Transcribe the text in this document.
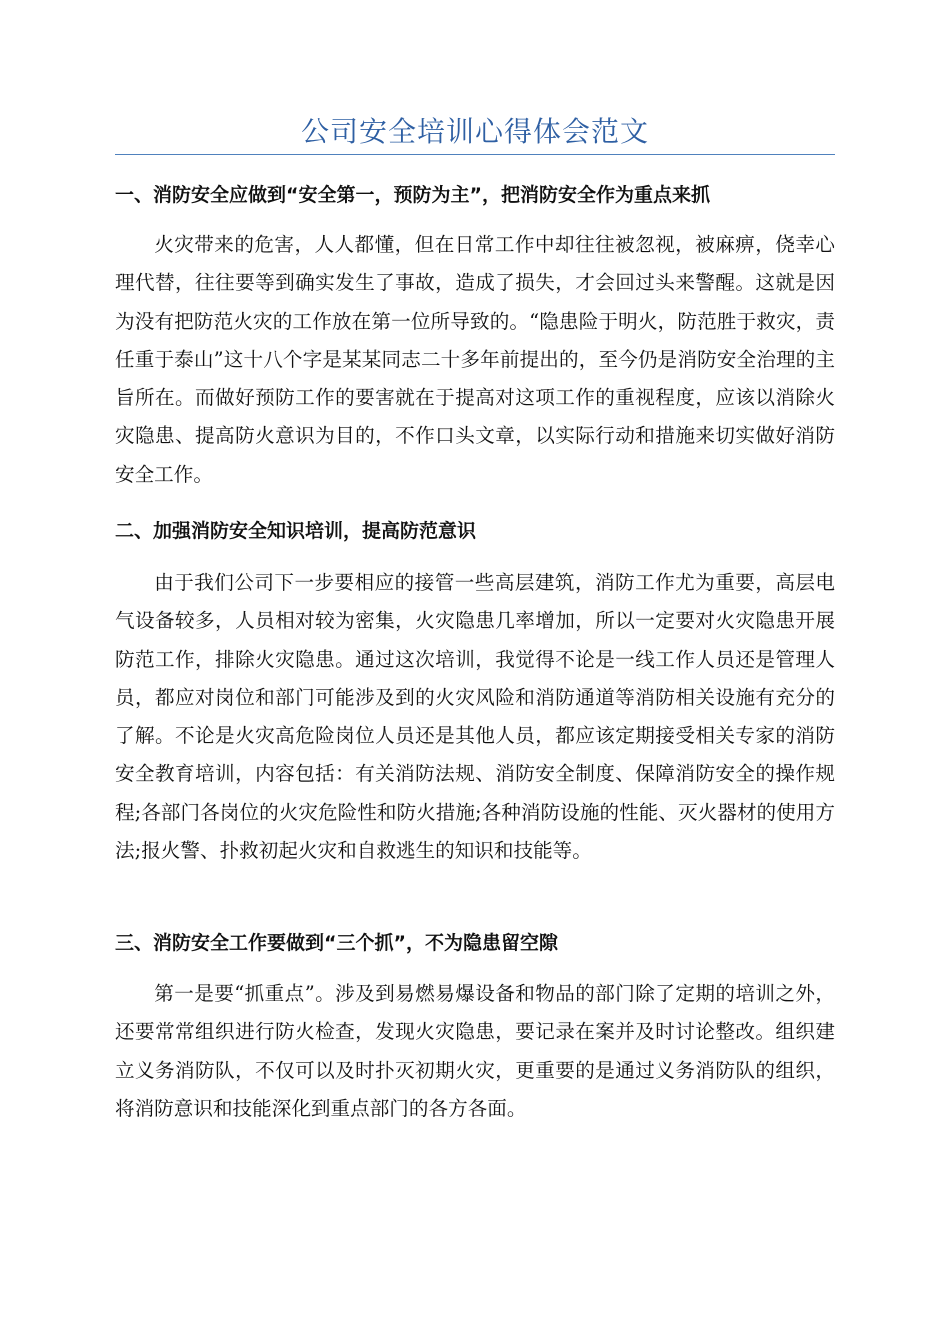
公司安全培训心得体会范文
一、消防安全应做到“安全第一，预防为主”，把消防安全作为重点来抓

火灾带来的危害，人人都懂，但在日常工作中却往往被忽视，被麻痹，侥幸心理代替，往往要等到确实发生了事故，造成了损失，才会回过头来警醒。这就是因为没有把防范火灾的工作放在第一位所导致的。“隐患险于明火，防范胜于救灾，责任重于泰山”这十八个字是某某同志二十多年前提出的，至今仍是消防安全治理的主旨所在。而做好预防工作的要害就在于提高对这项工作的重视程度，应该以消除火灾隐患、提高防火意识为目的，不作口头文章，以实际行动和措施来切实做好消防安全工作。

二、加强消防安全知识培训，提高防范意识

由于我们公司下一步要相应的接管一些高层建筑，消防工作尤为重要，高层电气设备较多，人员相对较为密集，火灾隐患几率增加，所以一定要对火灾隐患开展防范工作，排除火灾隐患。通过这次培训，我觉得不论是一线工作人员还是管理人员，都应对岗位和部门可能涉及到的火灾风险和消防通道等消防相关设施有充分的了解。不论是火灾高危险岗位人员还是其他人员，都应该定期接受相关专家的消防安全教育培训，内容包括：有关消防法规、消防安全制度、保障消防安全的操作规程;各部门各岗位的火灾危险性和防火措施;各种消防设施的性能、灭火器材的使用方法;报火警、扑救初起火灾和自救逃生的知识和技能等。

三、消防安全工作要做到“三个抓”，不为隐患留空隙

第一是要“抓重点”。涉及到易燃易爆设备和物品的部门除了定期的培训之外，还要常常组织进行防火检查，发现火灾隐患，要记录在案并及时讨论整改。组织建立义务消防队，不仅可以及时扑灭初期火灾，更重要的是通过义务消防队的组织，将消防意识和技能深化到重点部门的各方各面。
